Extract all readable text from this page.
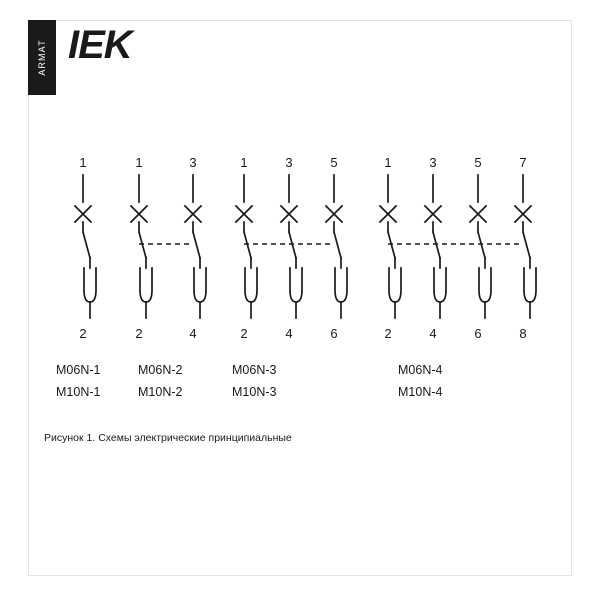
ARMAT IEK
1
2
M06N-1
M10N-1
1	3
2	4
M06N-2
M10N-2
1	3	5
2	4	6
M06N-3
M10N-3
1	3	5	7
2	4	6	8
M06N-4
M10N-4
Рисунок 1. Схемы электрические принципиальные
